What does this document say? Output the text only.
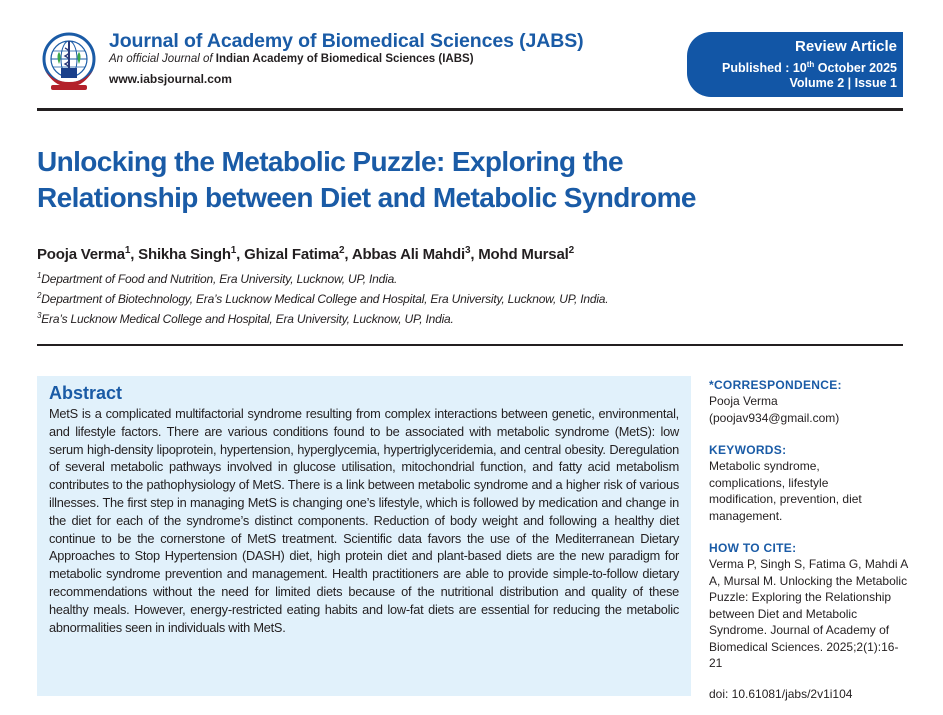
Journal of Academy of Biomedical Sciences (JABS)
An official Journal of Indian Academy of Biomedical Sciences (IABS)
www.iabsjournal.com
Review Article
Published : 10th October 2025
Volume 2 | Issue 1
Unlocking the Metabolic Puzzle: Exploring the
Relationship between Diet and Metabolic Syndrome
Pooja Verma$^1$, Shikha Singh$^1$, Ghizal Fatima$^2$, Abbas Ali Mahdi$^3$, Mohd Mursal$^2$
$^1$Department of Food and Nutrition, Era University, Lucknow, UP, India.
$^2$Department of Biotechnology, Era’s Lucknow Medical College and Hospital, Era University, Lucknow, UP, India.
$^3$Era’s Lucknow Medical College and Hospital, Era University, Lucknow, UP, India.
Abstract

MetS is a complicated multifactorial syndrome resulting from complex interactions between genetic, environmental, and lifestyle factors. There are various conditions found to be associated with metabolic syndrome (MetS): low serum high-density lipoprotein, hypertension, hyperglycemia, hypertriglyceridemia, and central obesity. Deregulation of several metabolic pathways involved in glucose utilisation, mitochondrial function, and fatty acid metabolism contributes to the pathophysiology of MetS. There is a link between metabolic syndrome and a higher risk of various illnesses. The first step in managing MetS is changing one’s lifestyle, which is followed by medication and change in the diet for each of the syndrome’s distinct components. Reduction of body weight and following a healthy diet continue to be the cornerstone of MetS treatment. Scientific data favors the use of the Mediterranean Dietary Approaches to Stop Hypertension (DASH) diet, high protein diet and plant-based diets are the new paradigm for metabolic syndrome prevention and management. Health practitioners are able to provide simple-to-follow dietary recommendations without the need for limited diets because of the nutritional distribution and quality of these healthy meals. However, energy-restricted eating habits and low-fat diets are essential for reducing the metabolic abnormalities seen in individuals with MetS.

*CORRESPONDENCE:
Pooja Verma
(poojav934@gmail.com)
KEYWORDS:
Metabolic syndrome, complications, lifestyle modification, prevention, diet management.
HOW TO CITE:
Verma P, Singh S, Fatima G, Mahdi A A, Mursal M. Unlocking the Metabolic Puzzle: Exploring the Relationship between Diet and Metabolic Syndrome. Journal of Academy of Biomedical Sciences. 2025;2(1):16-21
doi: 10.61081/jabs/2v1i104
